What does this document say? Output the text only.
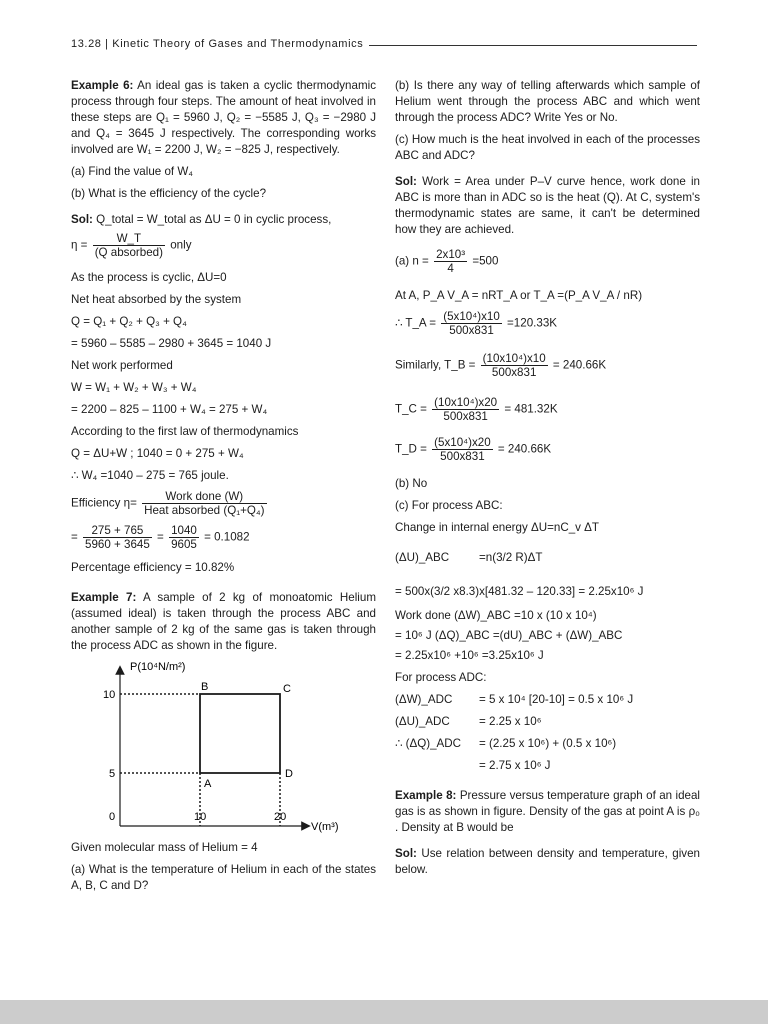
13.28 | Kinetic Theory of Gases and Thermodynamics

Example 6: An ideal gas is taken a cyclic thermodynamic process through four steps. The amount of heat involved in these steps are Q₁ = 5960 J, Q₂ = −5585 J, Q₃ = −2980 J and Q₄ = 3645 J respectively. The corresponding works involved are W₁ = 2200 J, W₂ = −825 J, respectively.

(a) Find the value of W₄

(b) What is the efficiency of the cycle?

Sol: Q_total = W_total as ΔU = 0 in cyclic process,

$\eta = \frac{W\_T}{\text{(Q absorbed)}}$ only

As the process is cyclic, ΔU=0

Net heat absorbed by the system

Q = Q₁ + Q₂ + Q₃ + Q₄

= 5960 – 5585 – 2980 + 3645 = 1040 J

Net work performed

W = W₁ + W₂ + W₃ + W₄

= 2200 – 825 – 1100 + W₄ = 275 + W₄

According to the first law of thermodynamics

Q = ΔU+W ; 1040 = 0 + 275 + W₄

∴ W₄ =1040 – 275 = 765 joule.

Efficiency $\eta= \frac{\text{Work done (W)}}{\text{Heat absorbed (Q₁+Q₄)}}$
= $\frac{275 + 765}{5960 + 3645} = \frac{1040}{9605} = 0.1082$

Percentage efficiency = 10.82%

Example 7: A sample of 2 kg of monoatomic Helium (assumed ideal) is taken through the process ABC and another sample of 2 kg of the same gas is taken through the process ADC as shown in the figure.

P(10⁴N/m²)
V(m³)
0
10
5
10	20
B	C
A
D

Given molecular mass of Helium = 4

(a) What is the temperature of Helium in each of the states A, B, C and D?

(b) Is there any way of telling afterwards which sample of Helium went through the process ABC and which went through the process ADC? Write Yes or No.

(c) How much is the heat involved in each of the processes ABC and ADC?

Sol: Work = Area under P–V curve hence, work done in ABC is more than in ADC so is the heat (Q). At C, system's thermodynamic states are same, it can't be determined how they are achieved.

(a) $n = \frac{\text{2x10³}}{4} =500$

At A, P_A V_A = nRT_A or T_A =(P_A V_A / nR)

∴ T_A = $\frac{\text{(5x10⁴)x10}}{500x831} =120.33K$
Similarly, T_B = $\frac{\text{(10x10⁴)x10}}{500x831} = 240.66K$
T_C = $\frac{\text{(10x10⁴)x20}}{500x831} = 481.32K$
T_D = $\frac{\text{(5x10⁴)x20}}{500x831} = 240.66K$

(b) No

(c) For process ABC:

Change in internal energy ΔU=nC_v ΔT

(ΔU)_ABC	=n(3/2 R)ΔT

= 500x(3/2 x8.3)x[481.32 – 120.33] = 2.25x10⁶ J

Work done (ΔW)_ABC =10 x (10 x 10⁴)

= 10⁶ J (ΔQ)_ABC =(dU)_ABC + (ΔW)_ABC

= 2.25x10⁶ +10⁶ =3.25x10⁶ J

For process ADC:

(ΔW)_ADC = 5 x 10⁴ [20-10] = 0.5 x 10⁶ J
(ΔU)_ADC	= 2.25 x 10⁶
∴ (ΔQ)_ADC = (2.25 x 10⁶) + (0.5 x 10⁶)
= 2.75 x 10⁶ J

Example 8: Pressure versus temperature graph of an ideal gas is as shown in figure. Density of the gas at point A is ρ₀ . Density at B would be

Sol: Use relation between density and temperature, given below.
